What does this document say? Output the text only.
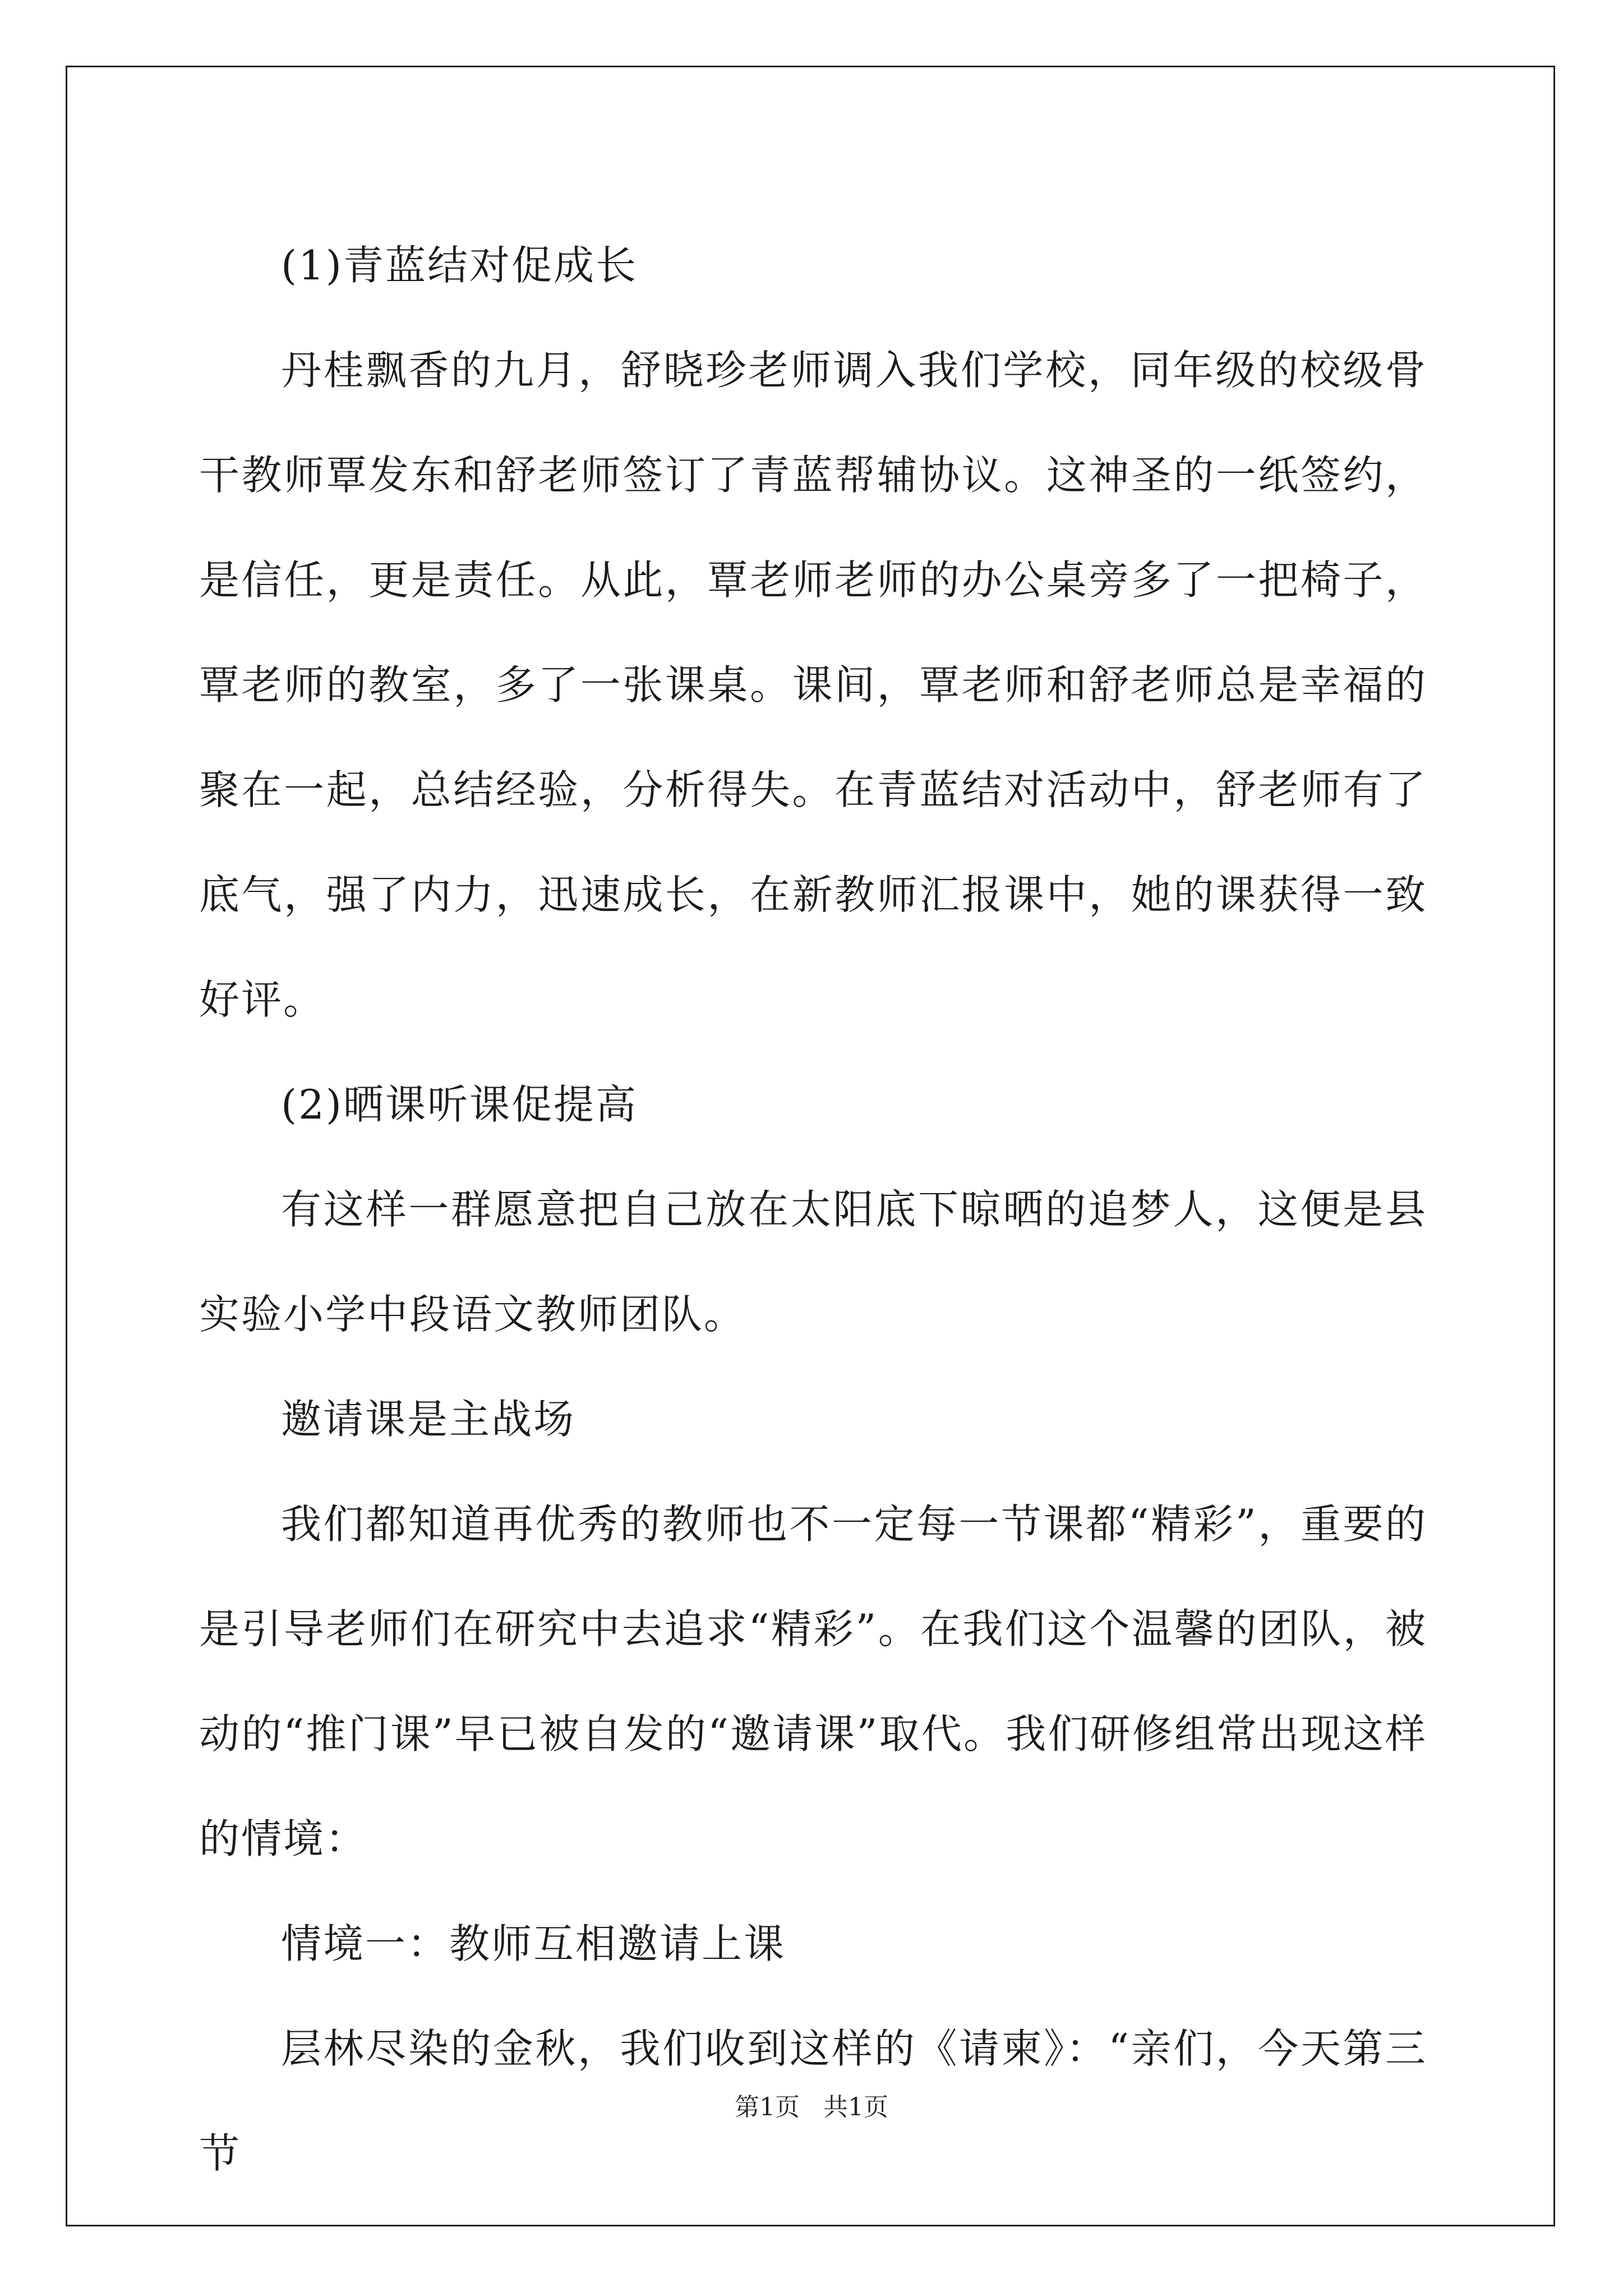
(1)青蓝结对促成长

丹桂飘香的九月，舒晓珍老师调入我们学校，同年级的校级骨干教师覃发东和舒老师签订了青蓝帮辅协议。这神圣的一纸签约，是信任，更是责任。从此，覃老师老师的办公桌旁多了一把椅子，覃老师的教室，多了一张课桌。课间，覃老师和舒老师总是幸福的聚在一起，总结经验，分析得失。在青蓝结对活动中，舒老师有了底气，强了内力，迅速成长，在新教师汇报课中，她的课获得一致好评。

(2)晒课听课促提高

有这样一群愿意把自己放在太阳底下晾晒的追梦人，这便是县实验小学中段语文教师团队。

邀请课是主战场

我们都知道再优秀的教师也不一定每一节课都“精彩”，重要的是引导老师们在研究中去追求“精彩”。在我们这个温馨的团队，被动的“推门课”早已被自发的“邀请课”取代。我们研修组常出现这样的情境：

情境一：教师互相邀请上课

层林尽染的金秋，我们收到这样的《请柬》：“亲们，今天第三节

第1页 共1页
